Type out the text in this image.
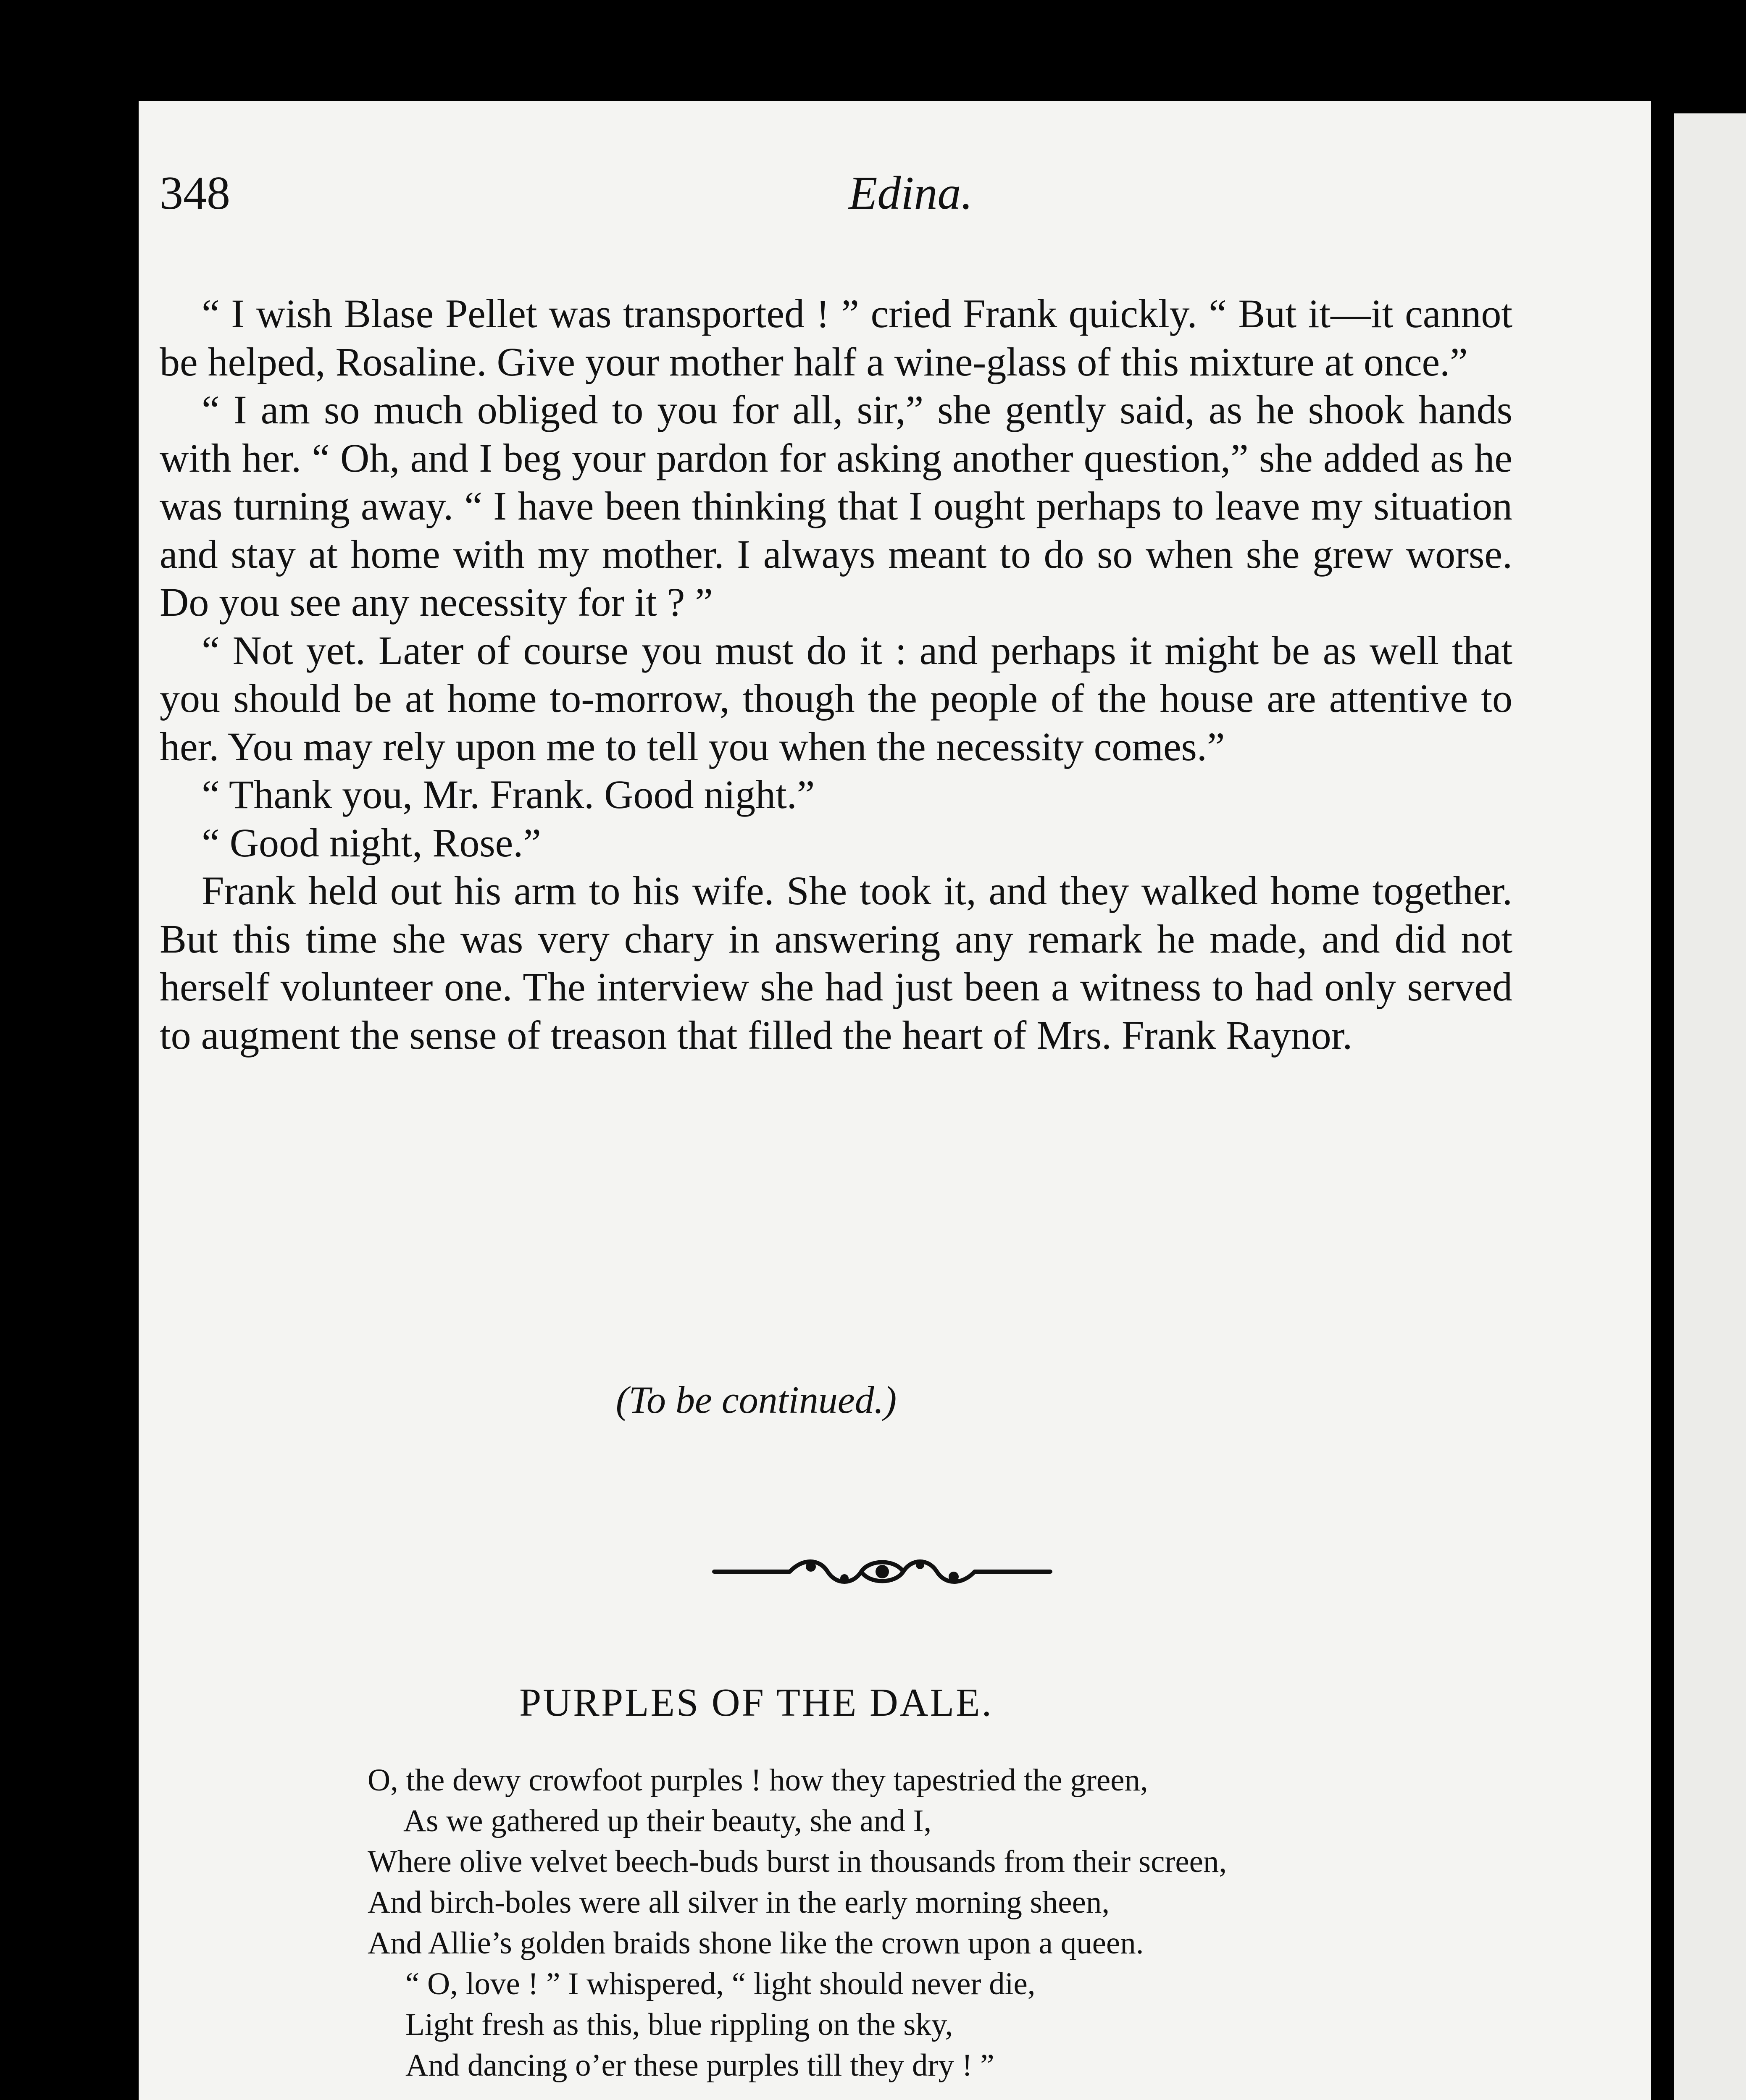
348	Edina.

“ I wish Blase Pellet was transported ! ” cried Frank quickly. “ But it—it cannot be helped, Rosaline. Give your mother half a wine-glass of this mixture at once.”

“ I am so much obliged to you for all, sir,” she gently said, as he shook hands with her. “ Oh, and I beg your pardon for asking another question,” she added as he was turning away. “ I have been thinking that I ought perhaps to leave my situation and stay at home with my mother. I always meant to do so when she grew worse. Do you see any necessity for it ? ”

“ Not yet. Later of course you must do it : and perhaps it might be as well that you should be at home to-morrow, though the people of the house are attentive to her. You may rely upon me to tell you when the necessity comes.”

“ Thank you, Mr. Frank. Good night.”

“ Good night, Rose.”

Frank held out his arm to his wife. She took it, and they walked home together. But this time she was very chary in answering any remark he made, and did not herself volunteer one. The interview she had just been a witness to had only served to augment the sense of treason that filled the heart of Mrs. Frank Raynor.

(To be continued.)
PURPLES OF THE DALE.
O, the dewy crowfoot purples ! how they tapestried the green,
As we gathered up their beauty, she and I,
Where olive velvet beech-buds burst in thousands from their screen,
And birch-boles were all silver in the early morning sheen,
And Allie’s golden braids shone like the crown upon a queen.
“ O, love ! ” I whispered, “ light should never die,
Light fresh as this, blue rippling on the sky,
And dancing o’er these purples till they dry ! ”
